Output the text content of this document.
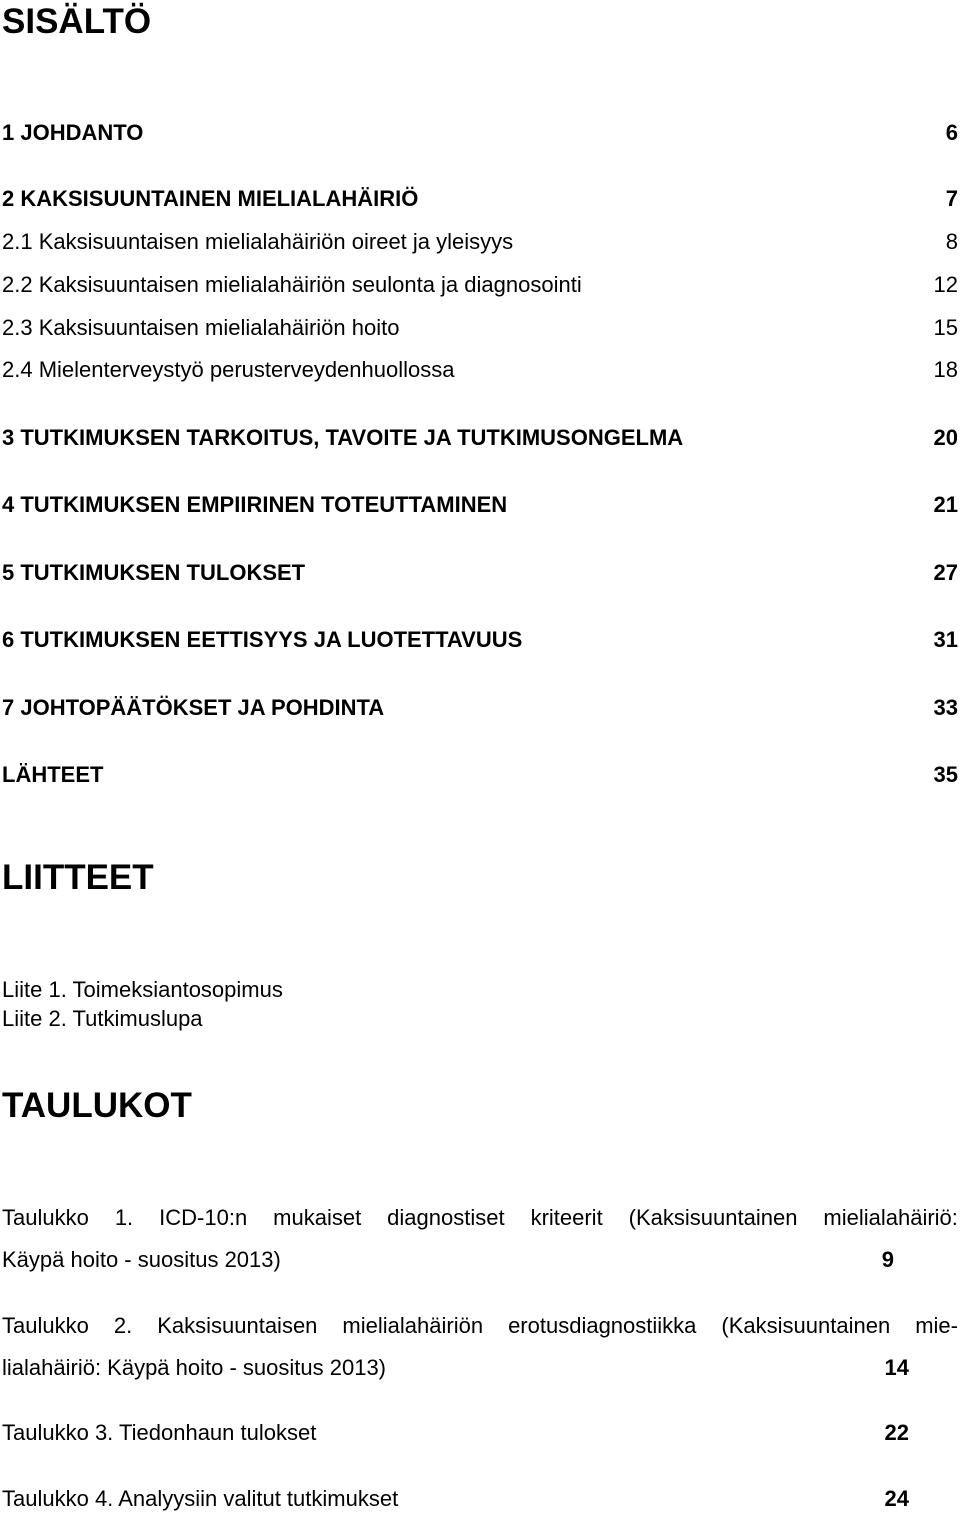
SISÄLTÖ
1 JOHDANTO	6
2 KAKSISUUNTAINEN MIELIALAHÄIRIÖ	7
2.1 Kaksisuuntaisen mielialahäiriön oireet ja yleisyys	8
2.2 Kaksisuuntaisen mielialahäiriön seulonta ja diagnosointi	12
2.3 Kaksisuuntaisen mielialahäiriön hoito	15
2.4 Mielenterveystyö perusterveydenhuollossa	18
3 TUTKIMUKSEN TARKOITUS, TAVOITE JA TUTKIMUSONGELMA	20
4 TUTKIMUKSEN EMPIIRINEN TOTEUTTAMINEN	21
5 TUTKIMUKSEN TULOKSET	27
6 TUTKIMUKSEN EETTISYYS JA LUOTETTAVUUS	31
7 JOHTOPÄÄTÖKSET JA POHDINTA	33
LÄHTEET	35
LIITTEET
Liite 1. Toimeksiantosopimus
Liite 2. Tutkimuslupa
TAULUKOT
Taulukko 1. ICD-10:n mukaiset diagnostiset kriteerit (Kaksisuuntainen mielialahäiriö:
Käypä hoito - suositus 2013)	9
Taulukko 2. Kaksisuuntaisen mielialahäiriön erotusdiagnostiikka (Kaksisuuntainen mie-
lialahäiriö: Käypä hoito - suositus 2013)	14
Taulukko 3. Tiedonhaun tulokset	22
Taulukko 4. Analyysiin valitut tutkimukset	24
